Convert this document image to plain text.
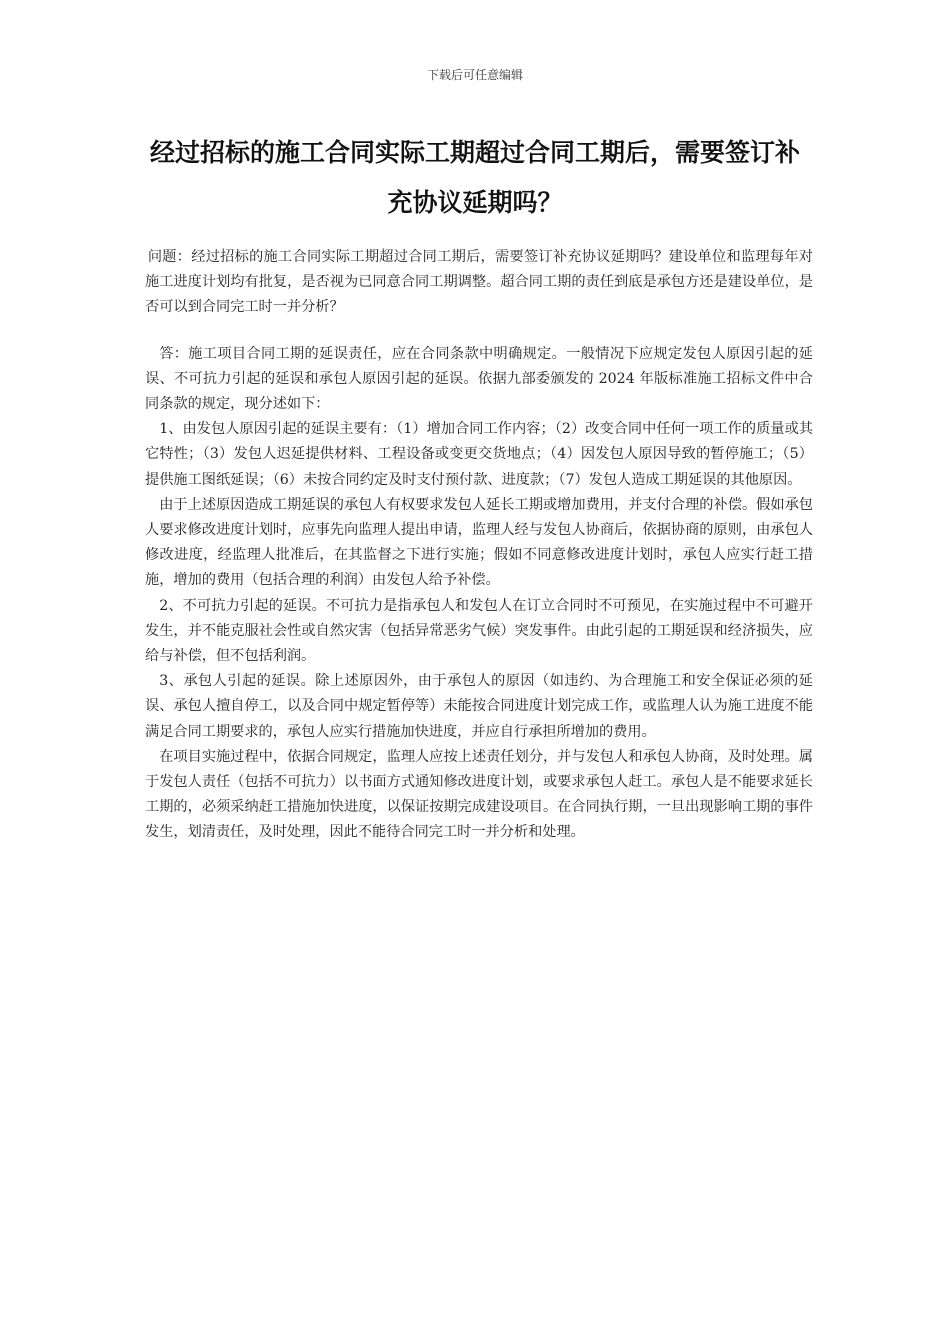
下载后可任意编辑
经过招标的施工合同实际工期超过合同工期后，需要签订补充协议延期吗？

问题：经过招标的施工合同实际工期超过合同工期后，需要签订补充协议延期吗？建设单位和监理每年对施工进度计划均有批复，是否视为已同意合同工期调整。超合同工期的责任到底是承包方还是建设单位，是否可以到合同完工时一并分析？

答：施工项目合同工期的延误责任，应在合同条款中明确规定。一般情况下应规定发包人原因引起的延误、不可抗力引起的延误和承包人原因引起的延误。依据九部委颁发的 2024 年版标准施工招标文件中合同条款的规定，现分述如下：

1、由发包人原因引起的延误主要有：（1）增加合同工作内容；（2）改变合同中任何一项工作的质量或其它特性；（3）发包人迟延提供材料、工程设备或变更交货地点；（4）因发包人原因导致的暂停施工；（5）提供施工图纸延误；（6）未按合同约定及时支付预付款、进度款；（7）发包人造成工期延误的其他原因。

由于上述原因造成工期延误的承包人有权要求发包人延长工期或增加费用，并支付合理的补偿。假如承包人要求修改进度计划时，应事先向监理人提出申请，监理人经与发包人协商后，依据协商的原则，由承包人修改进度，经监理人批准后，在其监督之下进行实施；假如不同意修改进度计划时，承包人应实行赶工措施，增加的费用（包括合理的利润）由发包人给予补偿。

2、不可抗力引起的延误。不可抗力是指承包人和发包人在订立合同时不可预见，在实施过程中不可避开发生，并不能克服社会性或自然灾害（包括异常恶劣气候）突发事件。由此引起的工期延误和经济损失，应给与补偿，但不包括利润。

3、承包人引起的延误。除上述原因外，由于承包人的原因（如违约、为合理施工和安全保证必须的延误、承包人擅自停工，以及合同中规定暂停等）未能按合同进度计划完成工作，或监理人认为施工进度不能满足合同工期要求的，承包人应实行措施加快进度，并应自行承担所增加的费用。

在项目实施过程中，依据合同规定，监理人应按上述责任划分，并与发包人和承包人协商，及时处理。属于发包人责任（包括不可抗力）以书面方式通知修改进度计划，或要求承包人赶工。承包人是不能要求延长工期的，必须采纳赶工措施加快进度，以保证按期完成建设项目。在合同执行期，一旦出现影响工期的事件发生，划清责任，及时处理，因此不能待合同完工时一并分析和处理。
